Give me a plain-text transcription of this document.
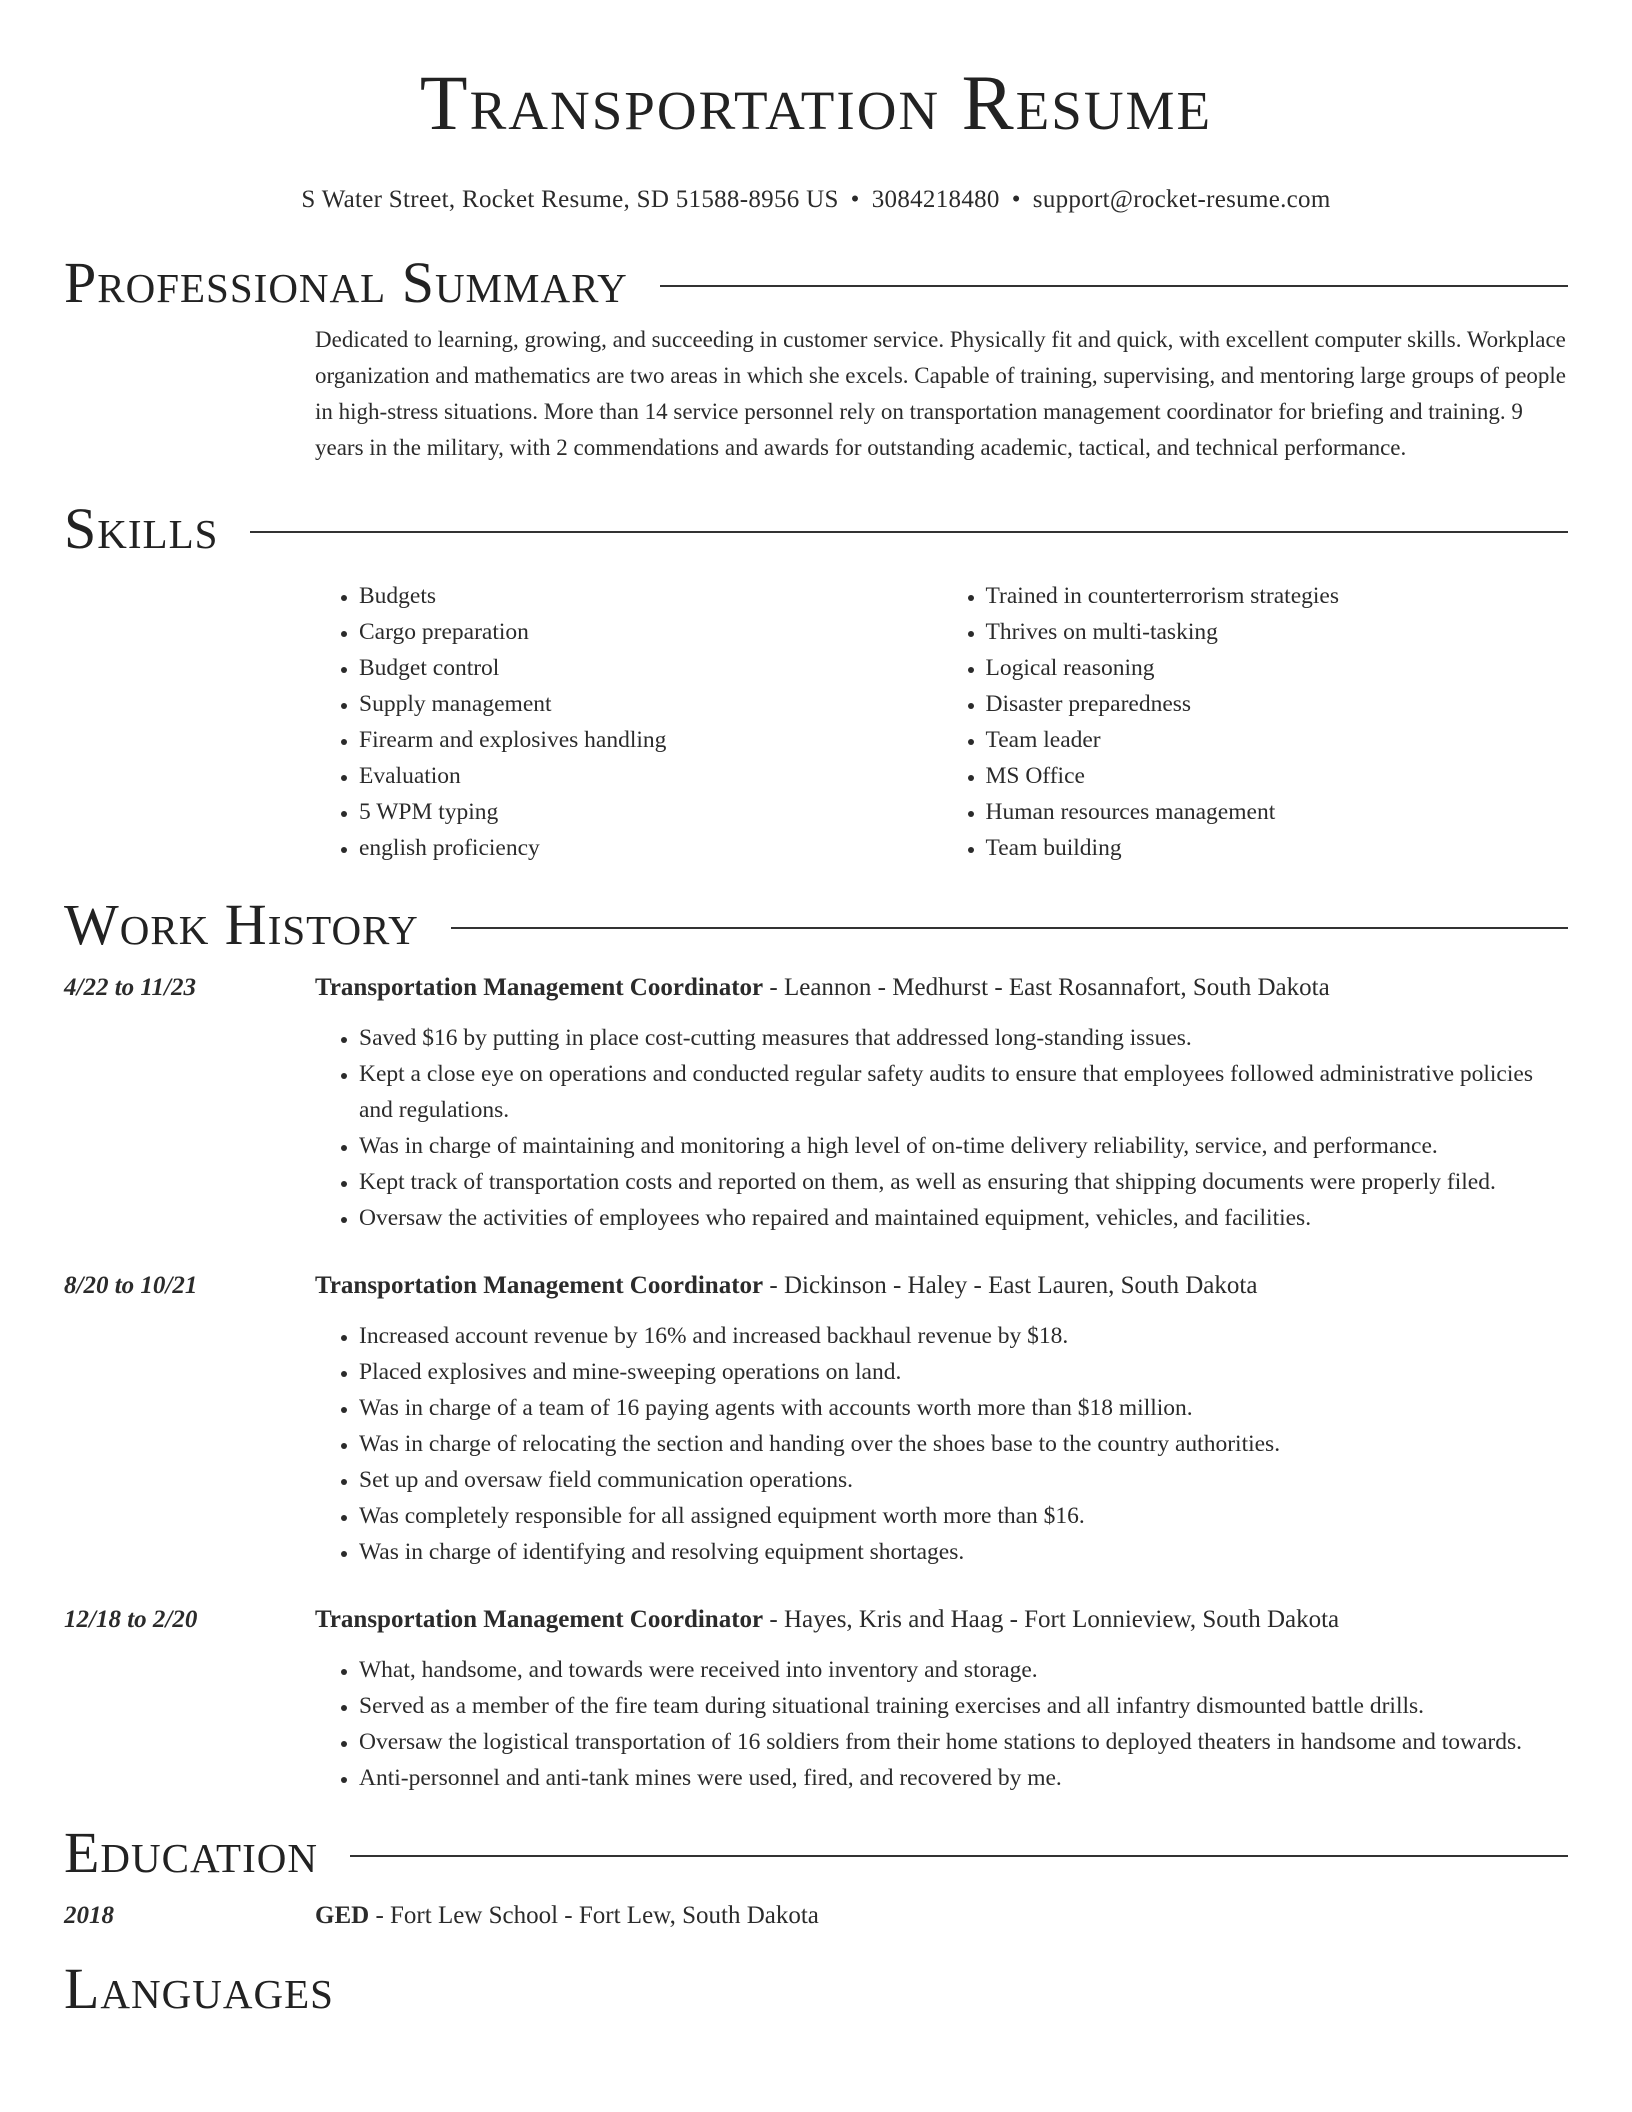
Transportation Resume
S Water Street, Rocket Resume, SD 51588-8956 US • 3084218480 • support@rocket-resume.com
Professional Summary

Dedicated to learning, growing, and succeeding in customer service. Physically fit and quick, with excellent computer skills. Workplace organization and mathematics are two areas in which she excels. Capable of training, supervising, and mentoring large groups of people in high-stress situations. More than 14 service personnel rely on transportation management coordinator for briefing and training. 9 years in the military, with 2 commendations and awards for outstanding academic, tactical, and technical performance.

Skills
• Budgets
• Cargo preparation
• Budget control
• Supply management
• Firearm and explosives handling
• Evaluation
• 5 WPM typing
• english proficiency
• Trained in counterterrorism strategies
• Thrives on multi-tasking
• Logical reasoning
• Disaster preparedness
• Team leader
• MS Office
• Human resources management
• Team building
Work History
4/22 to 11/23	Transportation Management Coordinator - Leannon - Medhurst - East Rosannafort, South Dakota
• Saved $16 by putting in place cost-cutting measures that addressed long-standing issues.
• Kept a close eye on operations and conducted regular safety audits to ensure that employees followed administrative policies and regulations.
• Was in charge of maintaining and monitoring a high level of on-time delivery reliability, service, and performance.
• Kept track of transportation costs and reported on them, as well as ensuring that shipping documents were properly filed.
• Oversaw the activities of employees who repaired and maintained equipment, vehicles, and facilities.
8/20 to 10/21	Transportation Management Coordinator - Dickinson - Haley - East Lauren, South Dakota
• Increased account revenue by 16% and increased backhaul revenue by $18.
• Placed explosives and mine-sweeping operations on land.
• Was in charge of a team of 16 paying agents with accounts worth more than $18 million.
• Was in charge of relocating the section and handing over the shoes base to the country authorities.
• Set up and oversaw field communication operations.
• Was completely responsible for all assigned equipment worth more than $16.
• Was in charge of identifying and resolving equipment shortages.
12/18 to 2/20	Transportation Management Coordinator - Hayes, Kris and Haag - Fort Lonnieview, South Dakota
• What, handsome, and towards were received into inventory and storage.
• Served as a member of the fire team during situational training exercises and all infantry dismounted battle drills.
• Oversaw the logistical transportation of 16 soldiers from their home stations to deployed theaters in handsome and towards.
• Anti-personnel and anti-tank mines were used, fired, and recovered by me.
Education
2018	GED - Fort Lew School - Fort Lew, South Dakota
Languages
